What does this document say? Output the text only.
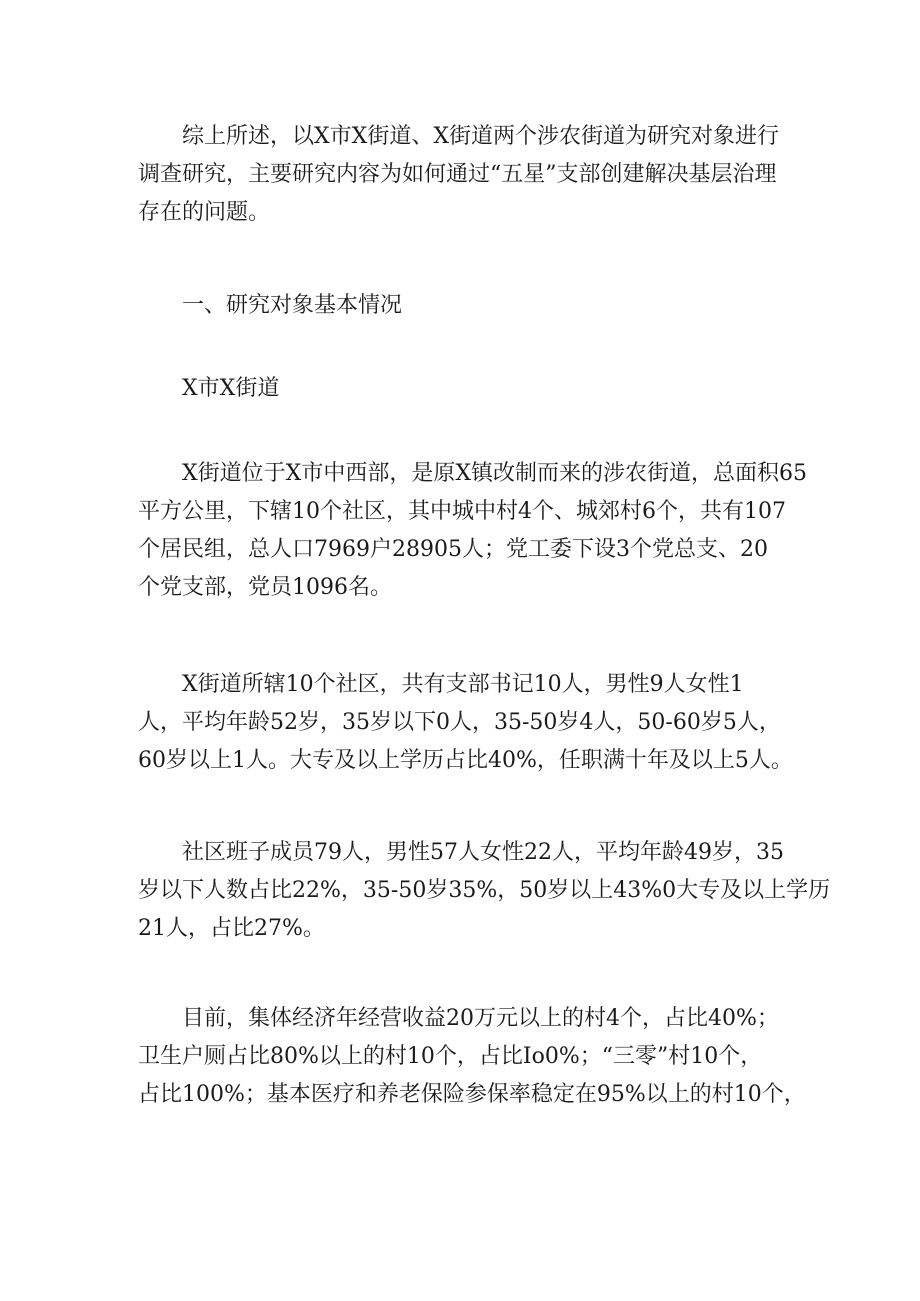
综上所述，以X市X街道、X街道两个涉农街道为研究对象进行
调查研究，主要研究内容为如何通过“五星”支部创建解决基层治理
存在的问题。
一、研究对象基本情况
X市X街道
X街道位于X市中西部，是原X镇改制而来的涉农街道，总面积65
平方公里，下辖10个社区，其中城中村4个、城郊村6个，共有107
个居民组，总人口7969户28905人；党工委下设3个党总支、20
个党支部，党员1096名。
X街道所辖10个社区，共有支部书记10人，男性9人女性1
人，平均年龄52岁，35岁以下0人，35-50岁4人，50-60岁5人，
60岁以上1人。大专及以上学历占比40%，任职满十年及以上5人。
社区班子成员79人，男性57人女性22人，平均年龄49岁，35
岁以下人数占比22%，35-50岁35%，50岁以上43%0大专及以上学历
21人，占比27%。
目前，集体经济年经营收益20万元以上的村4个，占比40%；
卫生户厕占比80%以上的村10个，占比Io0%；“三零”村10个，
占比100%；基本医疗和养老保险参保率稳定在95%以上的村10个，
